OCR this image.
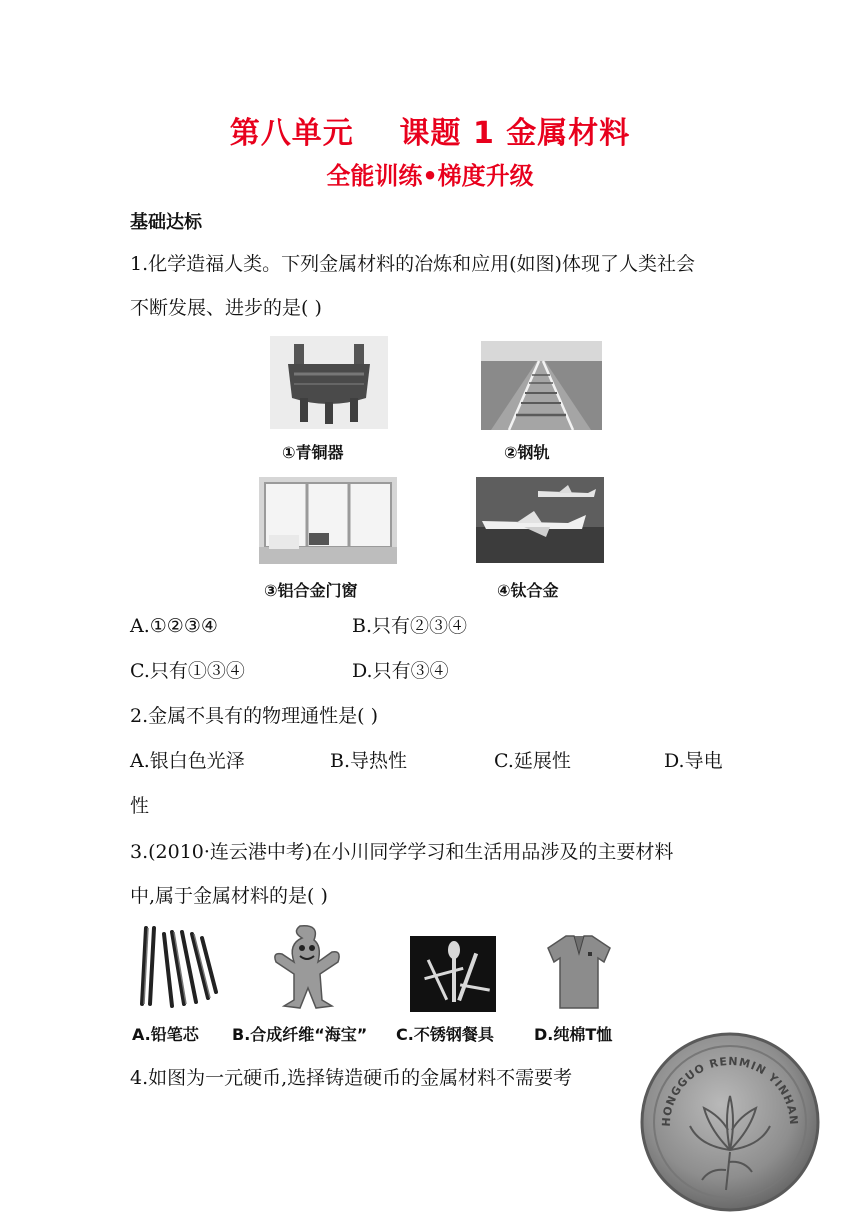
第八单元    课题 1 金属材料
全能训练•梯度升级
基础达标
1.化学造福人类。下列金属材料的冶炼和应用(如图)体现了人类社会
不断发展、进步的是( )
①青铜器	②钢轨
③铝合金门窗	④钛合金
A.①②③④	B.只有②③④
C.只有①③④	D.只有③④
2.金属不具有的物理通性是( )
A.银白色光泽	B.导热性	C.延展性	D.导电
性
3.(2010·连云港中考)在小川同学学习和生活用品涉及的主要材料
中,属于金属材料的是( )
A.铅笔芯 B.合成纤维“海宝” C.不锈钢餐具	D.纯棉T恤
4.如图为一元硬币,选择铸造硬币的金属材料不需要考
HONGGUO RENMIN YINHAN
